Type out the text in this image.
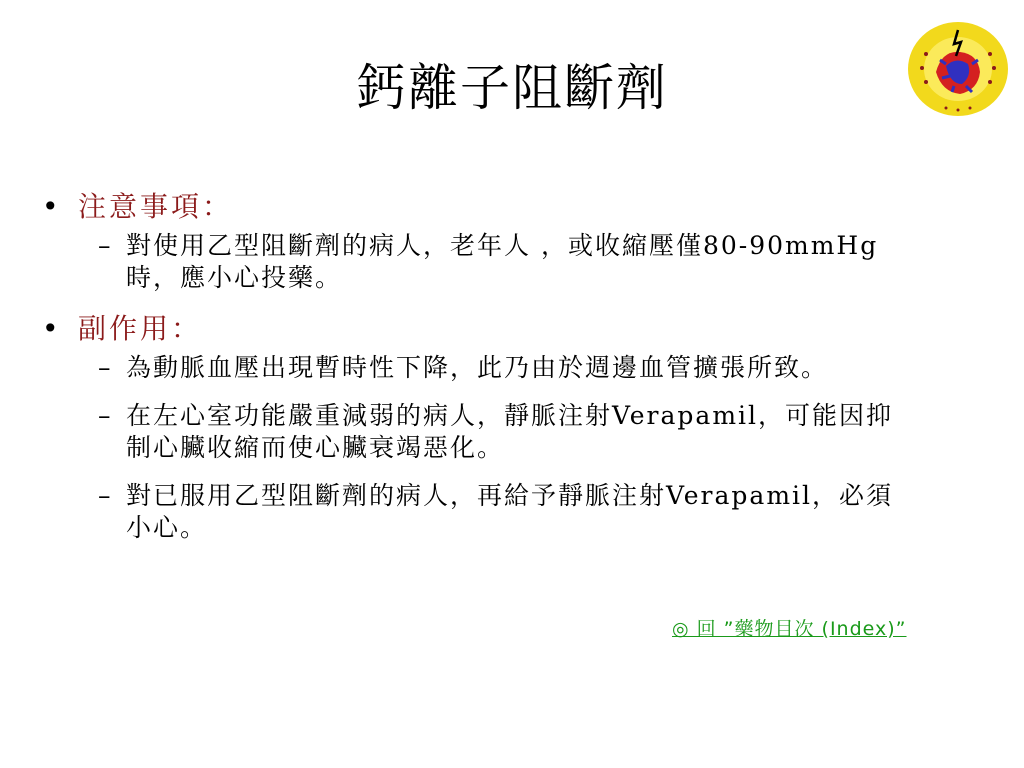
鈣離子阻斷劑
• 注意事項：
– 對使用乙型阻斷劑的病人，老年人 ，或收縮壓僅80-90mmHg時，應小心投藥。
• 副作用：
– 為動脈血壓出現暫時性下降，此乃由於週邊血管擴張所致。
– 在左心室功能嚴重減弱的病人，靜脈注射Verapamil，可能因抑制心臟收縮而使心臟衰竭惡化。
– 對已服用乙型阻斷劑的病人，再給予靜脈注射Verapamil，必須小心。
◎ 回 ”藥物目次 (Index)”
